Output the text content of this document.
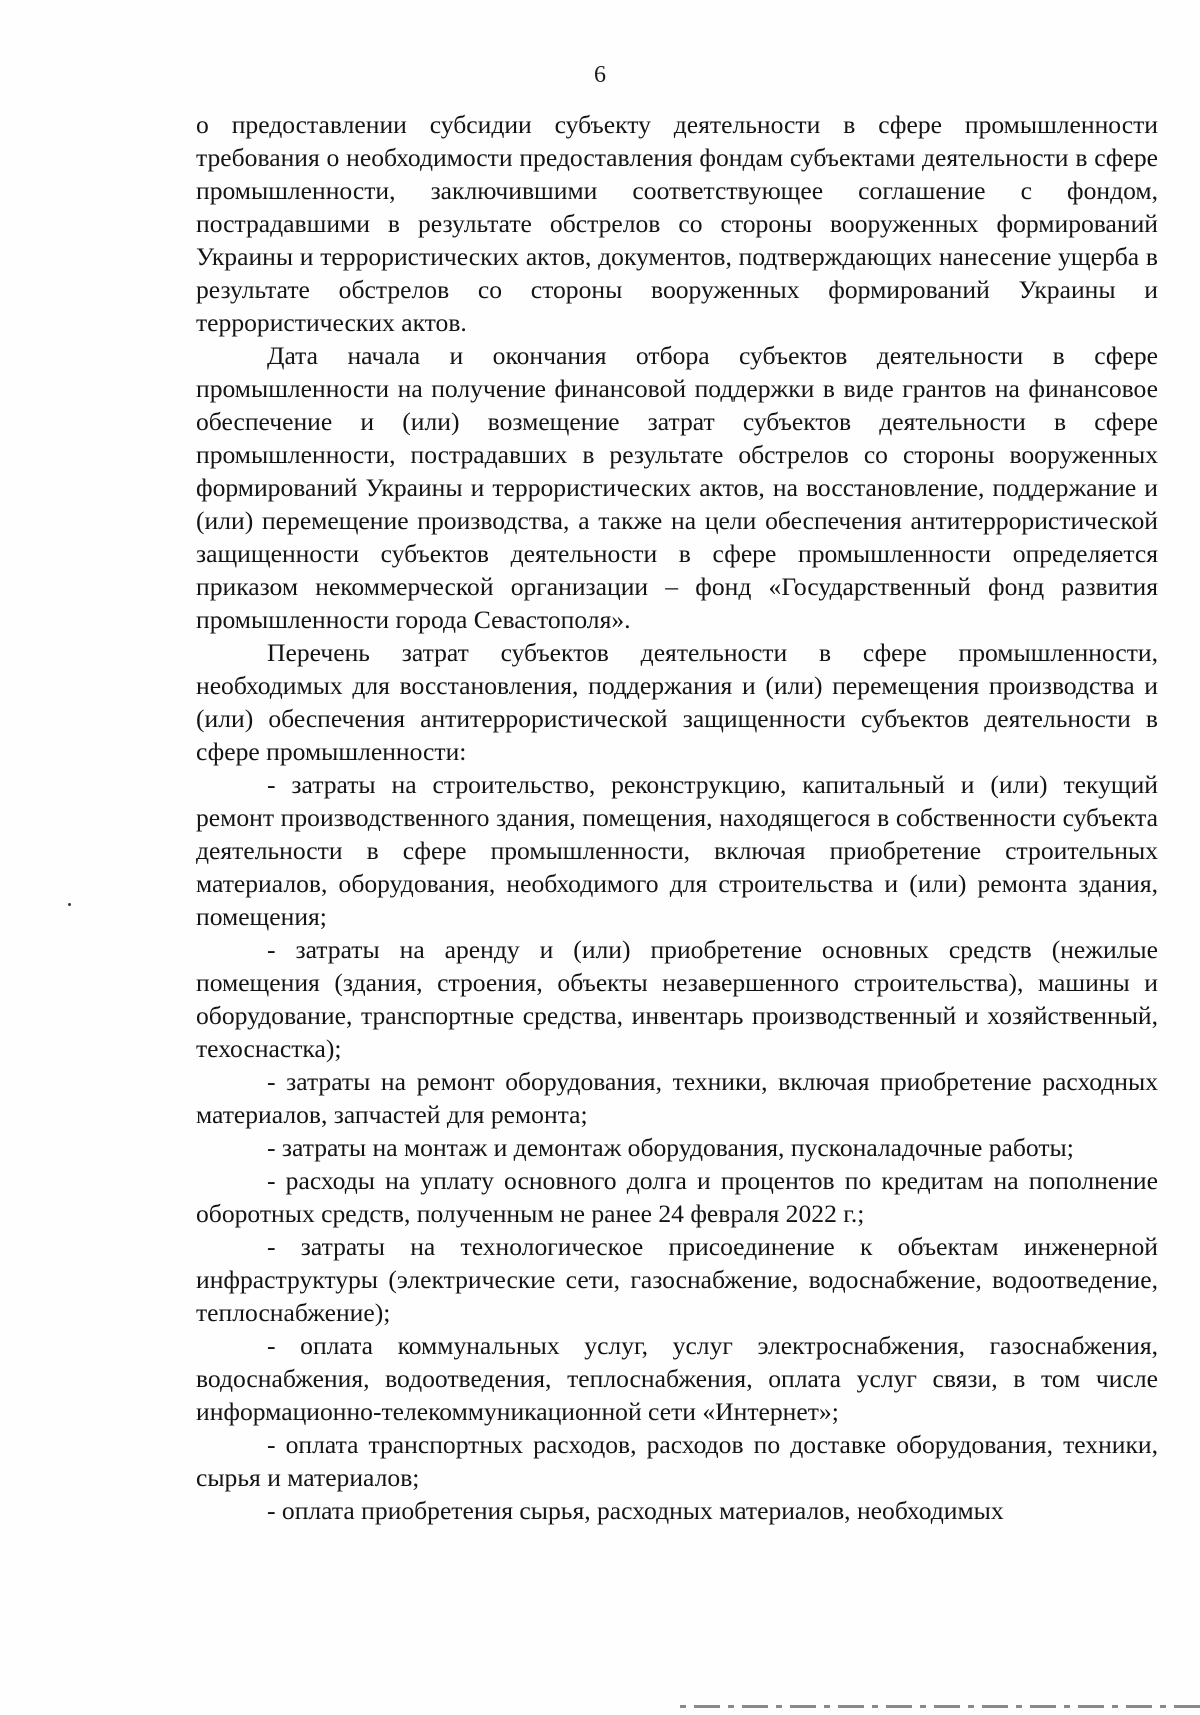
6

о предоставлении субсидии субъекту деятельности в сфере промышленности требования о необходимости предоставления фондам субъектами деятельности в сфере промышленности, заключившими соответствующее соглашение с фондом, пострадавшими в результате обстрелов со стороны вооруженных формирований Украины и террористических актов, документов, подтверждающих нанесение ущерба в результате обстрелов со стороны вооруженных формирований Украины и террористических актов.

Дата начала и окончания отбора субъектов деятельности в сфере промышленности на получение финансовой поддержки в виде грантов на финансовое обеспечение и (или) возмещение затрат субъектов деятельности в сфере промышленности, пострадавших в результате обстрелов со стороны вооруженных формирований Украины и террористических актов, на восстановление, поддержание и (или) перемещение производства, а также на цели обеспечения антитеррористической защищенности субъектов деятельности в сфере промышленности определяется приказом некоммерческой организации – фонд «Государственный фонд развития промышленности города Севастополя».

Перечень затрат субъектов деятельности в сфере промышленности, необходимых для восстановления, поддержания и (или) перемещения производства и (или) обеспечения антитеррористической защищенности субъектов деятельности в сфере промышленности:

- затраты на строительство, реконструкцию, капитальный и (или) текущий ремонт производственного здания, помещения, находящегося в собственности субъекта деятельности в сфере промышленности, включая приобретение строительных материалов, оборудования, необходимого для строительства и (или) ремонта здания, помещения;

- затраты на аренду и (или) приобретение основных средств (нежилые помещения (здания, строения, объекты незавершенного строительства), машины и оборудование, транспортные средства, инвентарь производственный и хозяйственный, техоснастка);

- затраты на ремонт оборудования, техники, включая приобретение расходных материалов, запчастей для ремонта;

- затраты на монтаж и демонтаж оборудования, пусконаладочные работы;

- расходы на уплату основного долга и процентов по кредитам на пополнение оборотных средств, полученным не ранее 24 февраля 2022 г.;

- затраты на технологическое присоединение к объектам инженерной инфраструктуры (электрические сети, газоснабжение, водоснабжение, водоотведение, теплоснабжение);

- оплата коммунальных услуг, услуг электроснабжения, газоснабжения, водоснабжения, водоотведения, теплоснабжения, оплата услуг связи, в том числе информационно-телекоммуникационной сети «Интернет»;

- оплата транспортных расходов, расходов по доставке оборудования, техники, сырья и материалов;

- оплата приобретения сырья, расходных материалов, необходимых
